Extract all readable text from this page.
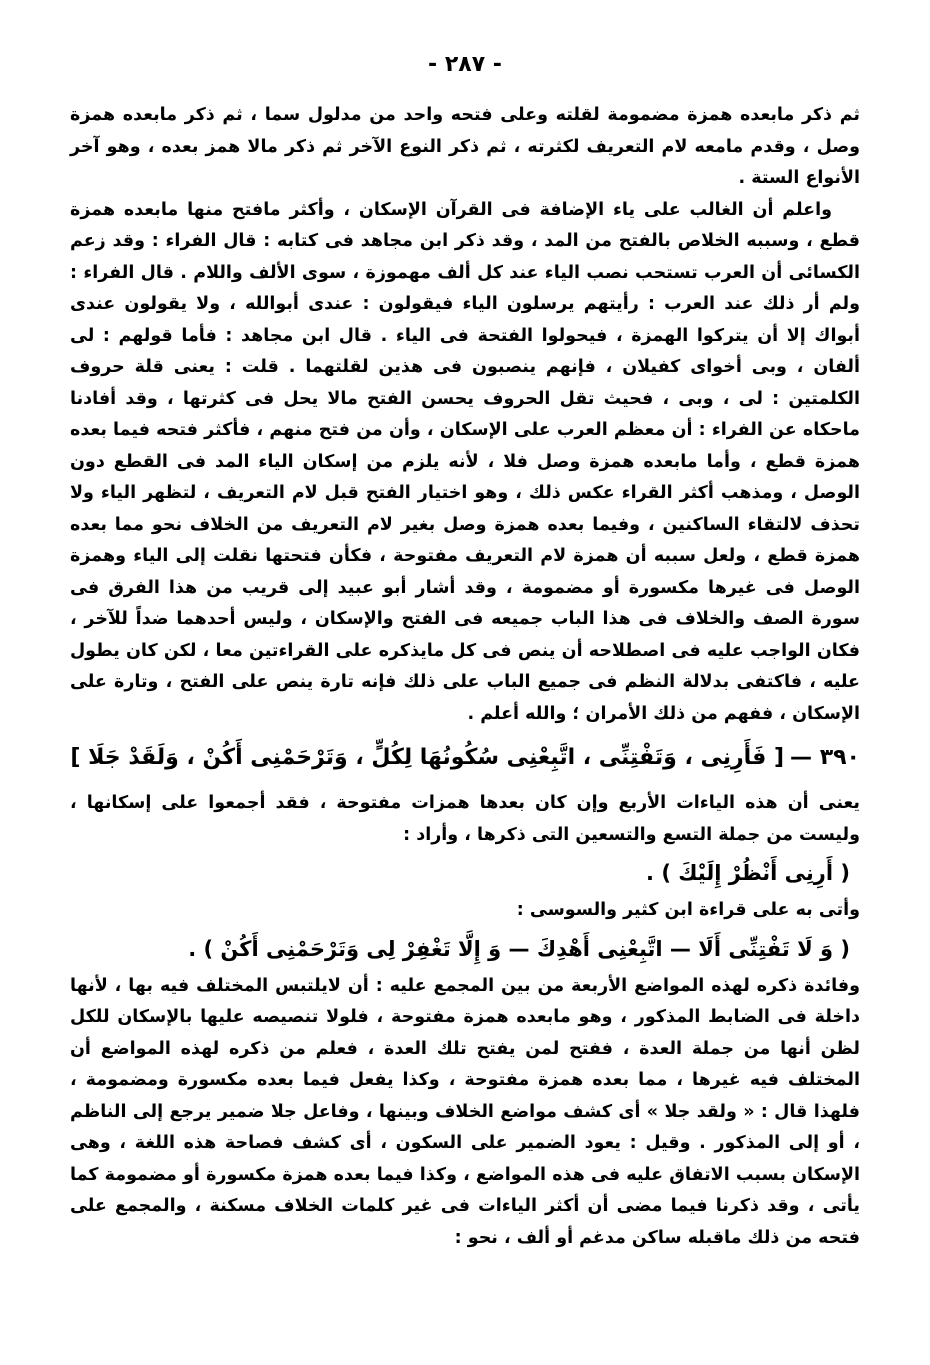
- ٢٨٧ -

ثم ذكر مابعده همزة مضمومة لقلته وعلى فتحه واحد من مدلول سما ، ثم ذكر مابعده همزة وصل ، وقدم مامعه لام التعريف لكثرته ، ثم ذكر النوع الآخر ثم ذكر مالا همز بعده ، وهو آخر الأنواع الستة .

واعلم أن الغالب على ياء الإضافة فى القرآن الإسكان ، وأكثر مافتح منها مابعده همزة قطع ، وسببه الخلاص بالفتح من المد ، وقد ذكر ابن مجاهد فى كتابه : قال الفراء : وقد زعم الكسائى أن العرب تستحب نصب الياء عند كل ألف مهموزة ، سوى الألف واللام . قال الفراء : ولم أر ذلك عند العرب : رأيتهم يرسلون الياء فيقولون : عندى أبوالله ، ولا يقولون عندى أبواك إلا أن يتركوا الهمزة ، فيحولوا الفتحة فى الياء . قال ابن مجاهد : فأما قولهم : لى ألفان ، وبى أخواى كفيلان ، فإنهم ينصبون فى هذين لقلتهما . قلت : يعنى قلة حروف الكلمتين : لى ، وبى ، فحيث تقل الحروف يحسن الفتح مالا يحل فى كثرتها ، وقد أفادنا ماحكاه عن الفراء : أن معظم العرب على الإسكان ، وأن من فتح منهم ، فأكثر فتحه فيما بعده همزة قطع ، وأما مابعده همزة وصل فلا ، لأنه يلزم من إسكان الياء المد فى القطع دون الوصل ، ومذهب أكثر القراء عكس ذلك ، وهو اختيار الفتح قبل لام التعريف ، لتظهر الياء ولا تحذف لالتقاء الساكنين ، وفيما بعده همزة وصل بغير لام التعريف من الخلاف نحو مما بعده همزة قطع ، ولعل سببه أن همزة لام التعريف مفتوحة ، فكأن فتحتها نقلت إلى الياء وهمزة الوصل فى غيرها مكسورة أو مضمومة ، وقد أشار أبو عبيد إلى قريب من هذا الفرق فى سورة الصف والخلاف فى هذا الباب جميعه فى الفتح والإسكان ، وليس أحدهما ضداً للآخر ، فكان الواجب عليه فى اصطلاحه أن ينص فى كل مايذكره على القراءتين معا ، لكن كان يطول عليه ، فاكتفى بدلالة النظم فى جميع الباب على ذلك فإنه تارة ينص على الفتح ، وتارة على الإسكان ، ففهم من ذلك الأمران ؛ والله أعلم .

٣٩٠ —
[ فَأَرِنِى ، وَتَفْتِنِّى ، اتَّبِعْنِى سُكُونُهَا لِكُلٍّ ، وَتَرْحَمْنِى أَكُنْ ، وَلَقَدْ جَلَا ]

يعنى أن هذه الياءات الأربع وإن كان بعدها همزات مفتوحة ، فقد أجمعوا على إسكانها ، وليست من جملة التسع والتسعين التى ذكرها ، وأراد :

( أَرِنِى أَنْظُرْ إِلَيْكَ ) .

وأتى به على قراءة ابن كثير والسوسى :

( وَ لَا تَفْتِنِّى أَلَا — اتَّبِعْنِى أَهْدِكَ — وَ إِلَّا تَغْفِرْ لِى وَتَرْحَمْنِى أَكُنْ ) .

وفائدة ذكره لهذه المواضع الأربعة من بين المجمع عليه : أن لايلتبس المختلف فيه بها ، لأنها داخلة فى الضابط المذكور ، وهو مابعده همزة مفتوحة ، فلولا تنصيصه عليها بالإسكان للكل لظن أنها من جملة العدة ، ففتح لمن يفتح تلك العدة ، فعلم من ذكره لهذه المواضع أن المختلف فيه غيرها ، مما بعده همزة مفتوحة ، وكذا يفعل فيما بعده مكسورة ومضمومة ، فلهذا قال : « ولقد جلا » أى كشف مواضع الخلاف وبينها ، وفاعل جلا ضمير يرجع إلى الناظم ، أو إلى المذكور . وقيل : يعود الضمير على السكون ، أى كشف فصاحة هذه اللغة ، وهى الإسكان بسبب الاتفاق عليه فى هذه المواضع ، وكذا فيما بعده همزة مكسورة أو مضمومة كما يأتى ، وقد ذكرنا فيما مضى أن أكثر الياءات فى غير كلمات الخلاف مسكنة ، والمجمع على فتحه من ذلك ماقبله ساكن مدغم أو ألف ، نحو :
